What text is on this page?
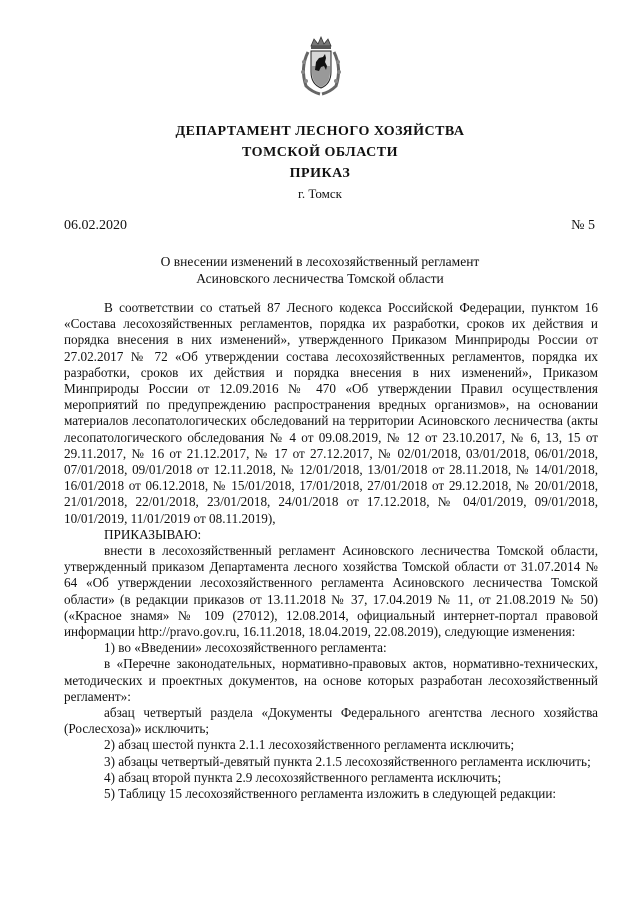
ДЕПАРТАМЕНТ ЛЕСНОГО ХОЗЯЙСТВА
ТОМСКОЙ ОБЛАСТИ
ПРИКАЗ
г. Томск
06.02.2020	№ 5
О внесении изменений в лесохозяйственный регламент
Асиновского лесничества Томской области

В соответствии со статьей 87 Лесного кодекса Российской Федерации, пунктом 16 «Состава лесохозяйственных регламентов, порядка их разработки, сроков их действия и порядка внесения в них изменений», утвержденного Приказом Минприроды России от 27.02.2017 № 72 «Об утверждении состава лесохозяйственных регламентов, порядка их разработки, сроков их действия и порядка внесения в них изменений», Приказом Минприроды России от 12.09.2016 № 470 «Об утверждении Правил осуществления мероприятий по предупреждению распространения вредных организмов», на основании материалов лесопатологических обследований на территории Асиновского лесничества (акты лесопатологического обследования № 4 от 09.08.2019, № 12 от 23.10.2017, № 6, 13, 15 от 29.11.2017, № 16 от 21.12.2017, № 17 от 27.12.2017, № 02/01/2018, 03/01/2018, 06/01/2018, 07/01/2018, 09/01/2018 от 12.11.2018, № 12/01/2018, 13/01/2018 от 28.11.2018, № 14/01/2018, 16/01/2018 от 06.12.2018, № 15/01/2018, 17/01/2018, 27/01/2018 от 29.12.2018, № 20/01/2018, 21/01/2018, 22/01/2018, 23/01/2018, 24/01/2018 от 17.12.2018, № 04/01/2019, 09/01/2018, 10/01/2019, 11/01/2019 от 08.11.2019),

ПРИКАЗЫВАЮ:

внести в лесохозяйственный регламент Асиновского лесничества Томской области, утвержденный приказом Департамента лесного хозяйства Томской области от 31.07.2014 № 64 «Об утверждении лесохозяйственного регламента Асиновского лесничества Томской области» (в редакции приказов от 13.11.2018 № 37, 17.04.2019 № 11, от 21.08.2019 № 50) («Красное знамя» № 109 (27012), 12.08.2014, официальный интернет-портал правовой информации http://pravo.gov.ru, 16.11.2018, 18.04.2019, 22.08.2019), следующие изменения:

1) во «Введении» лесохозяйственного регламента:

в «Перечне законодательных, нормативно-правовых актов, нормативно-технических, методических и проектных документов, на основе которых разработан лесохозяйственный регламент»:

абзац четвертый раздела «Документы Федерального агентства лесного хозяйства (Рослесхоза)» исключить;

2) абзац шестой пункта 2.1.1 лесохозяйственного регламента исключить;

3) абзацы четвертый-девятый пункта 2.1.5 лесохозяйственного регламента исключить;

4) абзац второй пункта 2.9 лесохозяйственного регламента исключить;

5) Таблицу 15 лесохозяйственного регламента изложить в следующей редакции:
